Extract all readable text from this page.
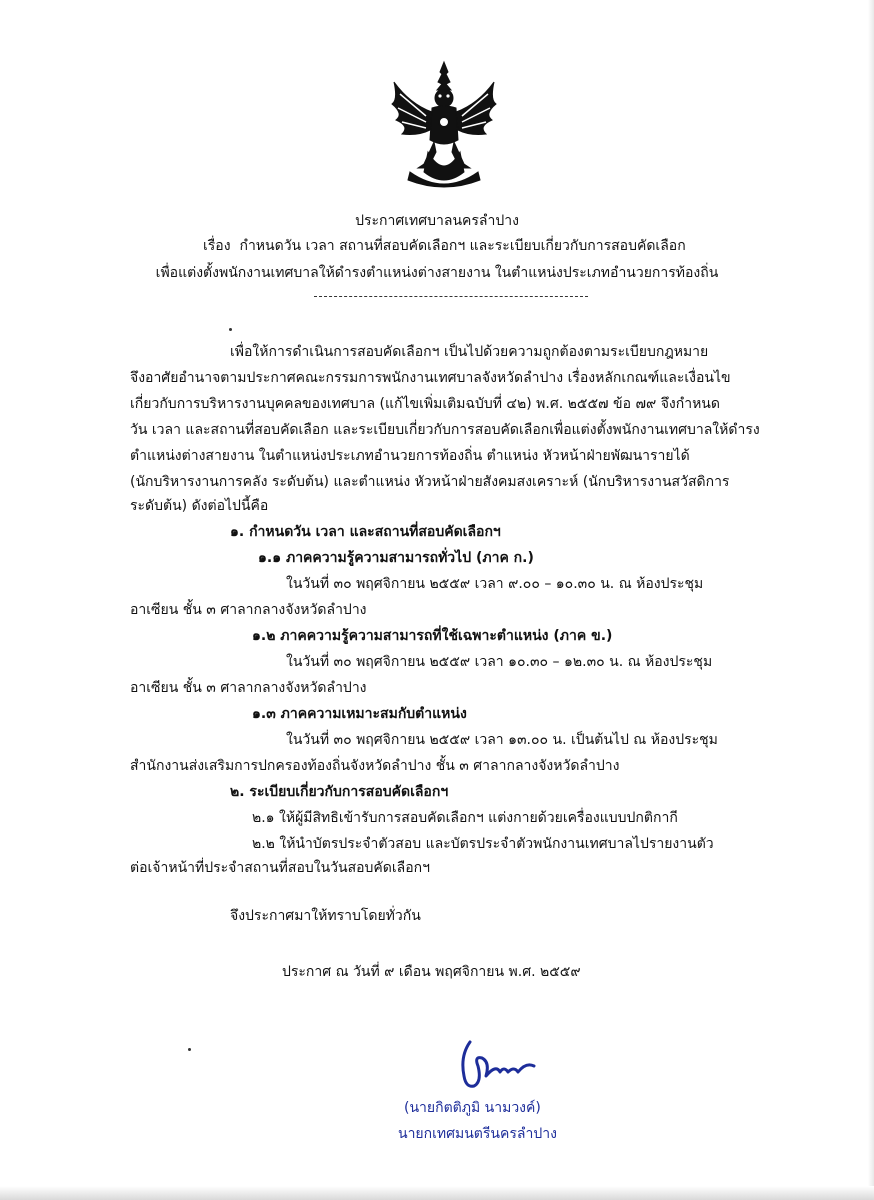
ประกาศเทศบาลนครลำปาง
เรื่อง กำหนดวัน เวลา สถานที่สอบคัดเลือกฯ และระเบียบเกี่ยวกับการสอบคัดเลือก
เพื่อแต่งตั้งพนักงานเทศบาลให้ดำรงตำแหน่งต่างสายงาน ในตำแหน่งประเภทอำนวยการท้องถิ่น
เพื่อให้การดำเนินการสอบคัดเลือกฯ เป็นไปด้วยความถูกต้องตามระเบียบกฎหมาย
จึงอาศัยอำนาจตามประกาศคณะกรรมการพนักงานเทศบาลจังหวัดลำปาง เรื่องหลักเกณฑ์และเงื่อนไข
เกี่ยวกับการบริหารงานบุคคลของเทศบาล (แก้ไขเพิ่มเติมฉบับที่ ๔๒) พ.ศ. ๒๕๕๗ ข้อ ๗๙ จึงกำหนด
วัน เวลา และสถานที่สอบคัดเลือก และระเบียบเกี่ยวกับการสอบคัดเลือกเพื่อแต่งตั้งพนักงานเทศบาลให้ดำรง
ตำแหน่งต่างสายงาน ในตำแหน่งประเภทอำนวยการท้องถิ่น ตำแหน่ง หัวหน้าฝ่ายพัฒนารายได้
(นักบริหารงานการคลัง ระดับต้น) และตำแหน่ง หัวหน้าฝ่ายสังคมสงเคราะห์ (นักบริหารงานสวัสดิการ
ระดับต้น) ดังต่อไปนี้คือ
๑. กำหนดวัน เวลา และสถานที่สอบคัดเลือกฯ
๑.๑ ภาคความรู้ความสามารถทั่วไป (ภาค ก.)
ในวันที่ ๓๐ พฤศจิกายน ๒๕๕๙ เวลา ๙.๐๐ – ๑๐.๓๐ น. ณ ห้องประชุม
อาเซียน ชั้น ๓ ศาลากลางจังหวัดลำปาง
๑.๒ ภาคความรู้ความสามารถที่ใช้เฉพาะตำแหน่ง (ภาค ข.)
ในวันที่ ๓๐ พฤศจิกายน ๒๕๕๙ เวลา ๑๐.๓๐ – ๑๒.๓๐ น. ณ ห้องประชุม
อาเซียน ชั้น ๓ ศาลากลางจังหวัดลำปาง
๑.๓ ภาคความเหมาะสมกับตำแหน่ง
ในวันที่ ๓๐ พฤศจิกายน ๒๕๕๙ เวลา ๑๓.๐๐ น. เป็นต้นไป ณ ห้องประชุม
สำนักงานส่งเสริมการปกครองท้องถิ่นจังหวัดลำปาง ชั้น ๓ ศาลากลางจังหวัดลำปาง
๒. ระเบียบเกี่ยวกับการสอบคัดเลือกฯ
๒.๑ ให้ผู้มีสิทธิเข้ารับการสอบคัดเลือกฯ แต่งกายด้วยเครื่องแบบปกติกากี
๒.๒ ให้นำบัตรประจำตัวสอบ และบัตรประจำตัวพนักงานเทศบาลไปรายงานตัว
ต่อเจ้าหน้าที่ประจำสถานที่สอบในวันสอบคัดเลือกฯ
จึงประกาศมาให้ทราบโดยทั่วกัน
ประกาศ ณ วันที่ ๙ เดือน พฤศจิกายน พ.ศ. ๒๕๕๙
(นายกิตติภูมิ นามวงค์)
นายกเทศมนตรีนครลำปาง
